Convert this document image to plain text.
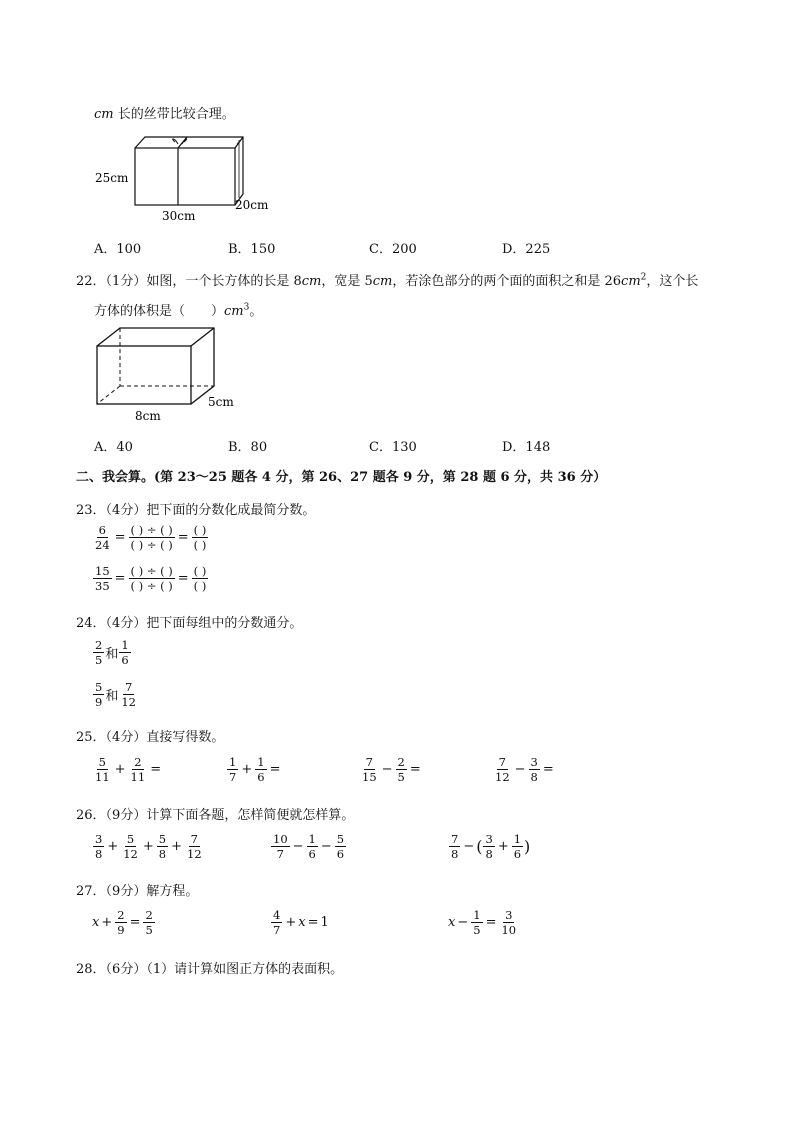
cm 长的丝带比较合理。
25cm
30cm
20cm
A．100	B．150	C．200	D．225
22．（1分）如图，一个长方体的长是 8cm，宽是 5cm，若涂色部分的两个面的面积之和是 $26cm^2$，这个长
方体的体积是（　　）$cm^3$。
8cm
5cm
A．40	B．80	C．130	D．148
二、我会算。(第 23～25 题各 4 分，第 26、27 题各 9 分，第 28 题 6 分，共 36 分）
23．（4分）把下面的分数化成最简分数。
$\frac{6}{24} = \frac{( ) \div ( )}{( ) \div ( )} = \frac{( )}{( )}$
$\frac{15}{35} = \frac{( ) \div ( )}{( ) \div ( )} = \frac{( )}{( )}$
24．（4分）把下面每组中的分数通分。
$\frac{2}{5}$ 和 $\frac{1}{6}$
$\frac{5}{9}$ 和 $\frac{7}{12}$
25．（4分）直接写得数。
$\frac{5}{11} + \frac{2}{11}$ =	$\frac{1}{7} + \frac{1}{6}$ =	$\frac{7}{15} - \frac{2}{5}$ =	$\frac{7}{12} - \frac{3}{8}$ =
26．（9分）计算下面各题，怎样简便就怎样算。
$\frac{3}{8} + \frac{5}{12} + \frac{5}{8} + \frac{7}{12}$	$\frac{10}{7} - \frac{1}{6} - \frac{5}{6}$	$\frac{7}{8}$ − ( $\frac{3}{8} + \frac{1}{6}$ )
27．（9分）解方程。
$x + \frac{2}{9} = \frac{2}{5}$	$\frac{4}{7} + x = 1$	$x - \frac{1}{5} = \frac{3}{10}$
28．（6分）（1）请计算如图正方体的表面积。
